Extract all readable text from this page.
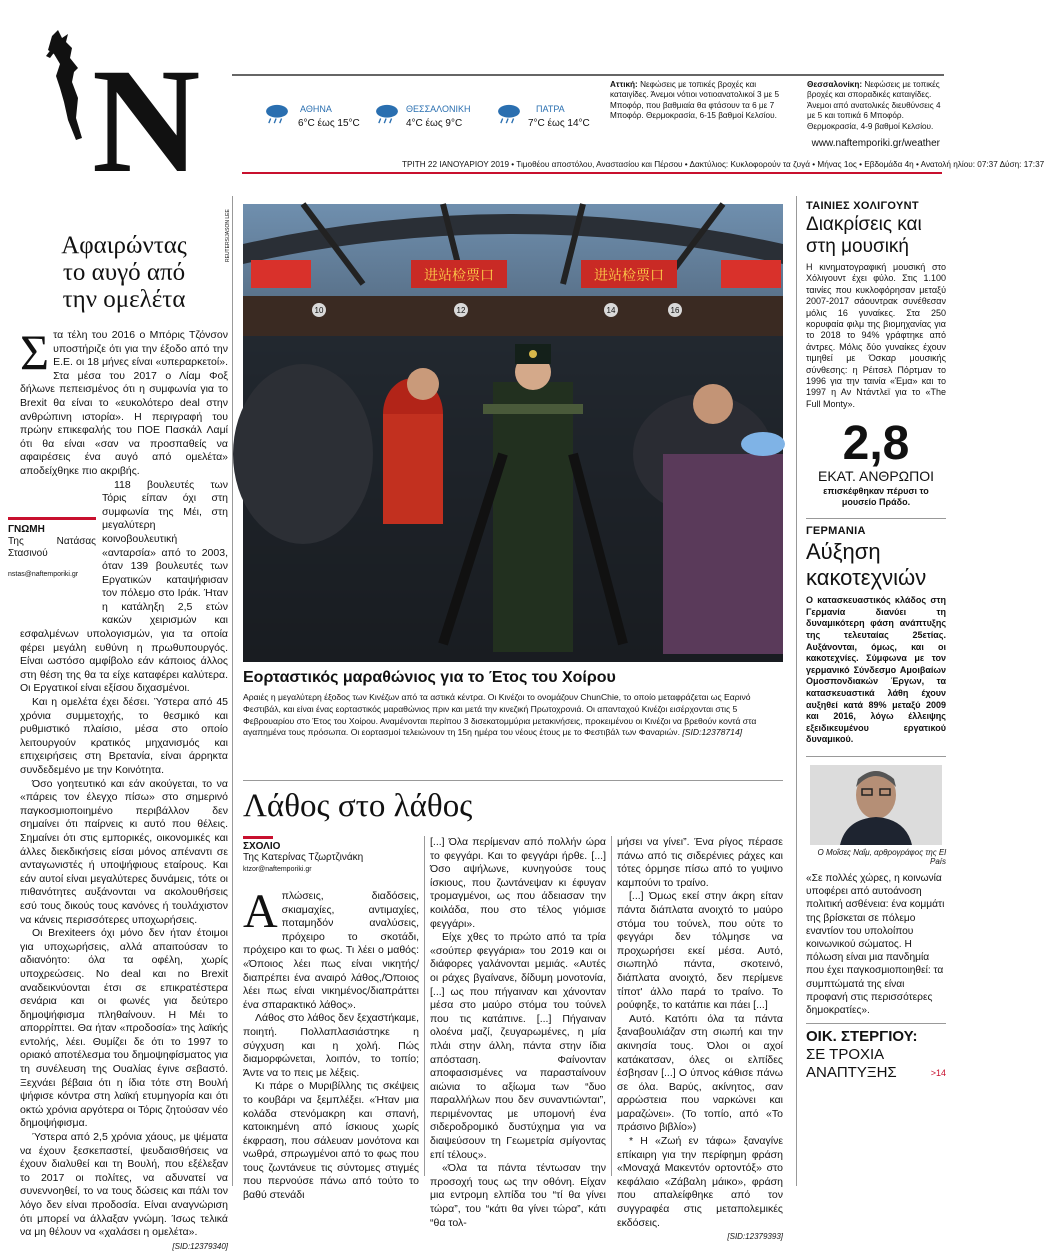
N	ΑΘΗΝΑ
6°C έως 15°C
ΘΕΣΣΑΛΟΝΙΚΗ
4°C έως 9°C
ΠΑΤΡΑ
7°C έως 14°C
Αττική: Νεφώσεις με τοπικές βροχές και καταιγίδες. Άνεμοι νότιοι νοτιοανατολικοί 3 με 5 Μποφόρ, που βαθμιαία θα φτάσουν τα 6 με 7 Μποφόρ. Θερμοκρασία, 6-15 βαθμοί Κελσίου.
Θεσσαλονίκη: Νεφώσεις με τοπικές βροχές και σποραδικές καταιγίδες. Άνεμοι από ανατολικές διευθύνσεις 4 με 5 και τοπικά 6 Μποφόρ. Θερμοκρασία, 4-9 βαθμοί Κελσίου.
www.naftemporiki.gr/weather
ΤΡΙΤΗ 22 ΙΑΝΟΥΑΡΙΟΥ 2019 • Τιμοθέου αποστόλου, Αναστασίου και Πέρσου • Δακτύλιος: Κυκλοφορούν τα ζυγά • Μήνας 1ος • Εβδομάδα 4η • Ανατολή ηλίου: 07:37 Δύση: 17:37
Αφαιρώντας
το αυγό από
την ομελέτα

Στα τέλη του 2016 ο Μπόρις Τζόνσον υποστήριζε ότι για την έξοδο από την Ε.Ε. οι 18 μήνες είναι «υπεραρκετοί». Στα μέσα του 2017 ο Λίαμ Φοξ δήλωνε πεπεισμένος ότι η συμφωνία για το Brexit θα είναι το «ευκολότερο deal στην ανθρώπινη ιστορία». Η περιγραφή του πρώην επικεφαλής του ΠΟΕ Πασκάλ Λαμί ότι θα είναι «σαν να προσπαθείς να αφαιρέσεις ένα αυγό από ομελέτα» αποδείχθηκε πιο ακριβής.

ΓΝΩΜΗ
Της Νατάσας Στασινού
nstas@naftemporiki.gr
118 βουλευτές των Τόρις είπαν όχι στη συμφωνία της Μέι, στη μεγαλύτερη κοινοβουλευτική «ανταρσία» από το 2003, όταν 139 βουλευτές των Εργατικών καταψήφισαν τον πόλεμο στο Ιράκ. Ήταν η κατάληξη 2,5 ετών κακών χειρισμών και εσφαλμένων υπολογισμών, για τα οποία φέρει μεγάλη ευθύνη η πρωθυπουργός. Είναι ωστόσο αμφίβολο εάν κάποιος άλλος στη θέση της θα τα είχε καταφέρει καλύτερα. Οι Εργατικοί είναι εξίσου διχασμένοι.

Και η ομελέτα έχει δέσει. Ύστερα από 45 χρόνια συμμετοχής, το θεσμικό και ρυθμιστικό πλαίσιο, μέσα στο οποίο λειτουργούν κρατικός μηχανισμός και επιχειρήσεις στη Βρετανία, είναι άρρηκτα συνδεδεμένο με την Κοινότητα.

Όσο γοητευτικό και εάν ακούγεται, το να «πάρεις τον έλεγχο πίσω» στο σημερινό παγκοσμιοποιημένο περιβάλλον δεν σημαίνει ότι παίρνεις κι αυτό που θέλεις. Σημαίνει ότι στις εμπορικές, οικονομικές και άλλες διεκδικήσεις είσαι μόνος απέναντι σε ανταγωνιστές ή υποψήφιους εταίρους. Και εάν αυτοί είναι μεγαλύτερες δυνάμεις, τότε οι πιθανότητες αυξάνονται να ακολουθήσεις εσύ τους δικούς τους κανόνες ή τουλάχιστον να κάνεις περισσότερες υποχωρήσεις.

Οι Brexiteers όχι μόνο δεν ήταν έτοιμοι για υποχωρήσεις, αλλά απαιτούσαν το αδιανόητο: όλα τα οφέλη, χωρίς υποχρεώσεις. No deal και no Brexit αναδεικνύονται έτσι σε επικρατέστερα σενάρια και οι φωνές για δεύτερο δημοψήφισμα πληθαίνουν. Η Μέι το απορρίπτει. Θα ήταν «προδοσία» της λαϊκής εντολής, λέει. Θυμίζει δε ότι το 1997 το οριακό αποτέλεσμα του δημοψηφίσματος για τη συνέλευση της Ουαλίας έγινε σεβαστό. Ξεχνάει βέβαια ότι η ίδια τότε στη Βουλή ψήφισε κόντρα στη λαϊκή ετυμηγορία και ότι οκτώ χρόνια αργότερα οι Τόρις ζητούσαν νέο δημοψήφισμα.

Ύστερα από 2,5 χρόνια χάους, με ψέματα να έχουν ξεσκεπαστεί, ψευδαισθήσεις να έχουν διαλυθεί και τη Βουλή, που εξέλεξαν το 2017 οι πολίτες, να αδυνατεί να συνεννοηθεί, το να τους δώσεις και πάλι τον λόγο δεν είναι προδοσία. Είναι αναγνώριση ότι μπορεί να άλλαξαν γνώμη. Ίσως τελικά να μη θέλουν να «χαλάσει η ομελέτα».

[SID:12379340]
REUTERS/JASON LEE
进站检票口	进站检票口
10	12	14	16
Εορταστικός μαραθώνιος για το Έτος του Χοίρου
Αραιές η μεγαλύτερη έξοδος των Κινέζων από τα αστικά κέντρα. Οι Κινέζοι το ονομάζουν ChunChie, το οποίο μεταφράζεται ως Εαρινό Φεστιβάλ, και είναι ένας εορταστικός μαραθώνιος πριν και μετά την κινεζική Πρωτοχρονιά. Οι απανταχού Κινέζοι εισέρχονται στις 5 Φεβρουαρίου στο Έτος του Χοίρου. Αναμένονται περίπου 3 δισεκατομμύρια μετακινήσεις, προκειμένου οι Κινέζοι να βρεθούν κοντά στα αγαπημένα τους πρόσωπα. Οι εορτασμοί τελειώνουν τη 15η ημέρα του νέους έτους με το Φεστιβάλ των Φαναριών. [SID:12378714]
Λάθος στο λάθος
ΣΧΟΛΙΟ
Της Κατερίνας Τζωρτζινάκη
ktzor@naftemporiki.gr

Απλώσεις, διαδόσεις, σκιαμαχίες, αντιμαχίες, ποταμηδόν αναλύσεις, πρόχειρο το σκοτάδι, πρόχειρο και το φως. Τι λέει ο μαθός: «Όποιος λέει πως είναι νικητής/διαπρέπει ένα αναιρό λάθος,/Όποιος λέει πως είναι νικημένος/διαπράττει ένα σπαρακτικό λάθος».

Λάθος στο λάθος δεν ξεχαστήκαμε, ποιητή. Πολλαπλασιάστηκε η σύγχυση και η χολή. Πώς διαμορφώνεται, λοιπόν, το τοπίο; Άντε να το πεις με λέξεις.

Κι πάρε ο Μυριβίλλης τις σκέψεις το κουβάρι να ξεμπλέξει. «Ήταν μια κολάδα στενόμακρη και σπανή, κατοικημένη από ίσκιους χωρίς έκφραση, που σάλευαν μονότονα και νωθρά, σπρωγμένοι από το φως που τους ζωντάνευε τις σύντομες στιγμές που περνούσε πάνω από τούτο το βαθύ στενάδι

[...] Όλα περίμεναν από πολλήν ώρα το φεγγάρι. Και το φεγγάρι ήρθε. [...] Όσο αψήλωνε, κυνηγούσε τους ίσκιους, που ζωντάνεψαν κι έφυγαν τρομαγμένοι, ως που άδειασαν την κοιλάδα, που στο τέλος γιόμισε φεγγάρι».

Είχε χθες το πρώτο από τα τρία «σούπερ φεγγάρια» του 2019 και οι διάφορες γαλάνονται μεμιάς. «Αυτές οι ράχες βγαίνανε, δίδυμη μονοτονία, [...] ως που πήγαιναν και χάνονταν μέσα στο μαύρο στόμα του τούνελ που τις κατάπινε. [...] Πήγαιναν ολοένα μαζί, ζευγαρωμένες, η μία πλάι στην άλλη, πάντα στην ίδια απόσταση. Φαίνονταν αποφασισμένες να παρασταίνουν αιώνια το αξίωμα των “δυο παραλλήλων που δεν συναντιώνται”, περιμένοντας με υπομονή ένα σιδεροδρομικό δυστύχημα για να διαψεύσουν τη Γεωμετρία σμίγοντας επί τέλους».

«Όλα τα πάντα τέντωσαν την προσοχή τους ως την οθόνη. Είχαν μια εντρομη ελπίδα του “τί θα γίνει τώρα”, του “κάτι θα γίνει τώρα”, κάτι “θα τολ-

μήσει να γίνει”. Ένα ρίγος πέρασε πάνω από τις σιδερένιες ράχες και τότες όρμησε πίσω από το γυψινο καμπούνι το τραίνο.

[...] Όμως εκεί στην άκρη είταν πάντα διάπλατα ανοιχτό το μαύρο στόμα του τούνελ, που ούτε το φεγγάρι δεν τόλμησε να προχωρήσει εκεί μέσα. Αυτό, σιωπηλό πάντα, σκοτεινό, διάπλατα ανοιχτό, δεν περίμενε τίποτ' άλλο παρά το τραίνο. Το ρούφηξε, το κατάπιε και πάει [...]

Αυτό. Κατόπι όλα τα πάντα ξαναβουλιάζαν στη σιωπή και την ακινησία τους. Όλοι οι αχοί κατάκατσαν, όλες οι ελπίδες έσβησαν [...] Ο ύπνος κάθισε πάνω σε όλα. Βαρύς, ακίνητος, σαν αρρώστεια που ναρκώνει και μαραζώνει». (Το τοπίο, από «Το πράσινο βιβλίο»)

* Η «Ζωή εν τάφω» ξαναγίνε επίκαιρη για την περίφημη φράση «Μοναχά Μακεντόν ορτοντόξ» στο κεφάλαιο «Ζάβαλη μάικο», φράση που απαλείφθηκε από τον συγγραφέα στις μεταπολεμικές εκδόσεις.

[SID:12379393]
ΤΑΙΝΙΕΣ ΧΟΛΙΓΟΥΝΤ
Διακρίσεις και στη μουσική
Η κινηματογραφική μουσική στο Χόλιγουντ έχει φύλο. Στις 1.100 ταινίες που κυκλοφόρησαν μεταξύ 2007-2017 σάουντρακ συνέθεσαν μόλις 16 γυναίκες. Στα 250 κορυφαία φιλμ της βιομηχανίας για το 2018 το 94% γράφτηκε από άντρες. Μόλις δύο γυναίκες έχουν τιμηθεί με Όσκαρ μουσικής σύνθεσης: η Ρέιτσελ Πόρτμαν το 1996 για την ταινία «Έμα» και το 1997 η Αν Ντάντλεϊ για το «The Full Monty».
2,8
ΕΚΑΤ. ΑΝΘΡΩΠΟΙ
επισκέφθηκαν πέρυσι το μουσείο Πράδο.
ΓΕΡΜΑΝΙΑ
Αύξηση κακοτεχνιών
Ο κατασκευαστικός κλάδος στη Γερμανία διανύει τη δυναμικότερη φάση ανάπτυξης της τελευταίας 25ετίας. Αυξάνονται, όμως, και οι κακοτεχνίες. Σύμφωνα με τον γερμανικό Σύνδεσμο Αμοιβαίων Ομοσπονδιακών Έργων, τα κατασκευαστικά λάθη έχουν αυξηθεί κατά 89% μεταξύ 2009 και 2016, λόγω έλλειψης εξειδικευμένου εργατικού δυναμικού.
Ο Μοΐσες Ναΐμ, αρθρογράφος της El País
«Σε πολλές χώρες, η κοινωνία υποφέρει από αυτοάνοση πολιτική ασθένεια: ένα κομμάτι της βρίσκεται σε πόλεμο εναντίον του υπολοίπου κοινωνικού σώματος. Η πόλωση είναι μια πανδημία που έχει παγκοσμιοποιηθεί: τα συμπτώματά της είναι προφανή στις περισσότερες δημοκρατίες».
ΟΙΚ. ΣΤΕΡΓΙΟΥ:
ΣΕ ΤΡΟΧΙΑ ΑΝΑΠΤΥΞΗΣ	>14
